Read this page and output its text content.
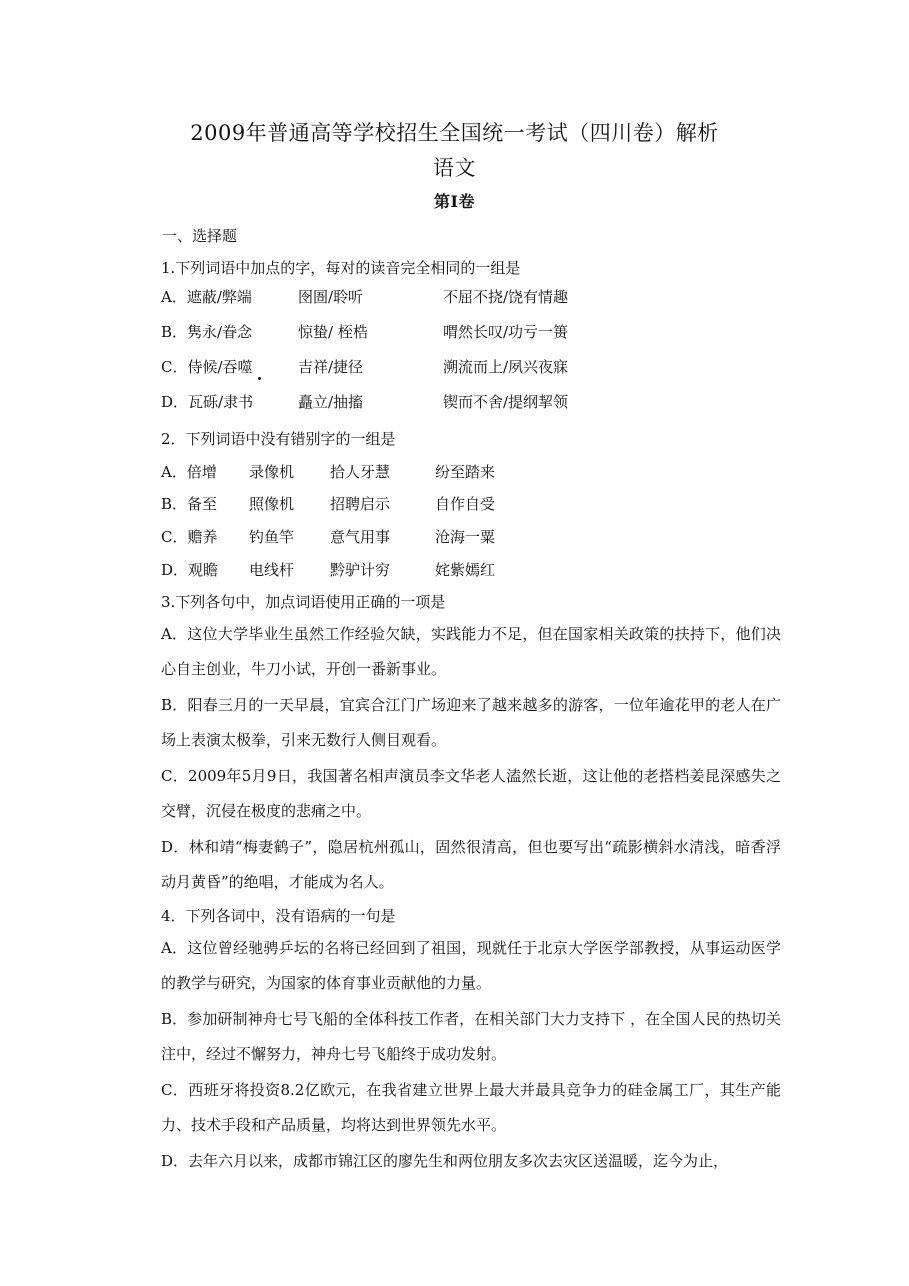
2009年普通高等学校招生全国统一考试（四川卷）解析
语文
第Ⅰ卷
一、选择题
1.下列词语中加点的字，每对的读音完全相同的一组是
A．遮蔽/弊端	囹圄/聆听	不屈不挠/饶有情趣
B．隽永/眷念	惊蛰/ 桎梏	喟然长叹/功亏一篑
C．侍候/吞噬	吉祥/捷径	溯流而上/夙兴夜寐
D．瓦砾/隶书	矗立/抽搐	锲而不舍/提纲挈领
2．下列词语中没有错别字的一组是
A．倍增 录像机 拾人牙慧	纷至踏来
B．备至 照像机 招聘启示	自作自受
C．赡养 钓鱼竿 意气用事	沧海一粟
D．观瞻 电线杆 黔驴计穷	姹紫嫣红
3.下列各句中，加点词语使用正确的一项是
A．这位大学毕业生虽然工作经验欠缺，实践能力不足，但在国家相关政策的扶持下，他们决心自主创业，牛刀小试，开创一番新事业。
B．阳春三月的一天早晨，宜宾合江门广场迎来了越来越多的游客，一位年逾花甲的老人在广场上表演太极拳，引来无数行人侧目观看。
C．2009年5月9日，我国著名相声演员李文华老人溘然长逝，这让他的老搭档姜昆深感失之交臂，沉侵在极度的悲痛之中。
D．林和靖“梅妻鹤子”，隐居杭州孤山，固然很清高，但也要写出“疏影横斜水清浅，暗香浮动月黄昏”的绝唱，才能成为名人。
4．下列各词中，没有语病的一句是
A．这位曾经驰骋乒坛的名将已经回到了祖国，现就任于北京大学医学部教授，从事运动医学的教学与研究，为国家的体育事业贡献他的力量。
B．参加研制神舟七号飞船的全体科技工作者，在相关部门大力支持下 ，在全国人民的热切关注中，经过不懈努力，神舟七号飞船终于成功发射。
C．西班牙将投资8.2亿欧元，在我省建立世界上最大并最具竞争力的硅金属工厂，其生产能力、技术手段和产品质量，均将达到世界领先水平。
D．去年六月以来，成都市锦江区的廖先生和两位朋友多次去灾区送温暖，迄今为止，
